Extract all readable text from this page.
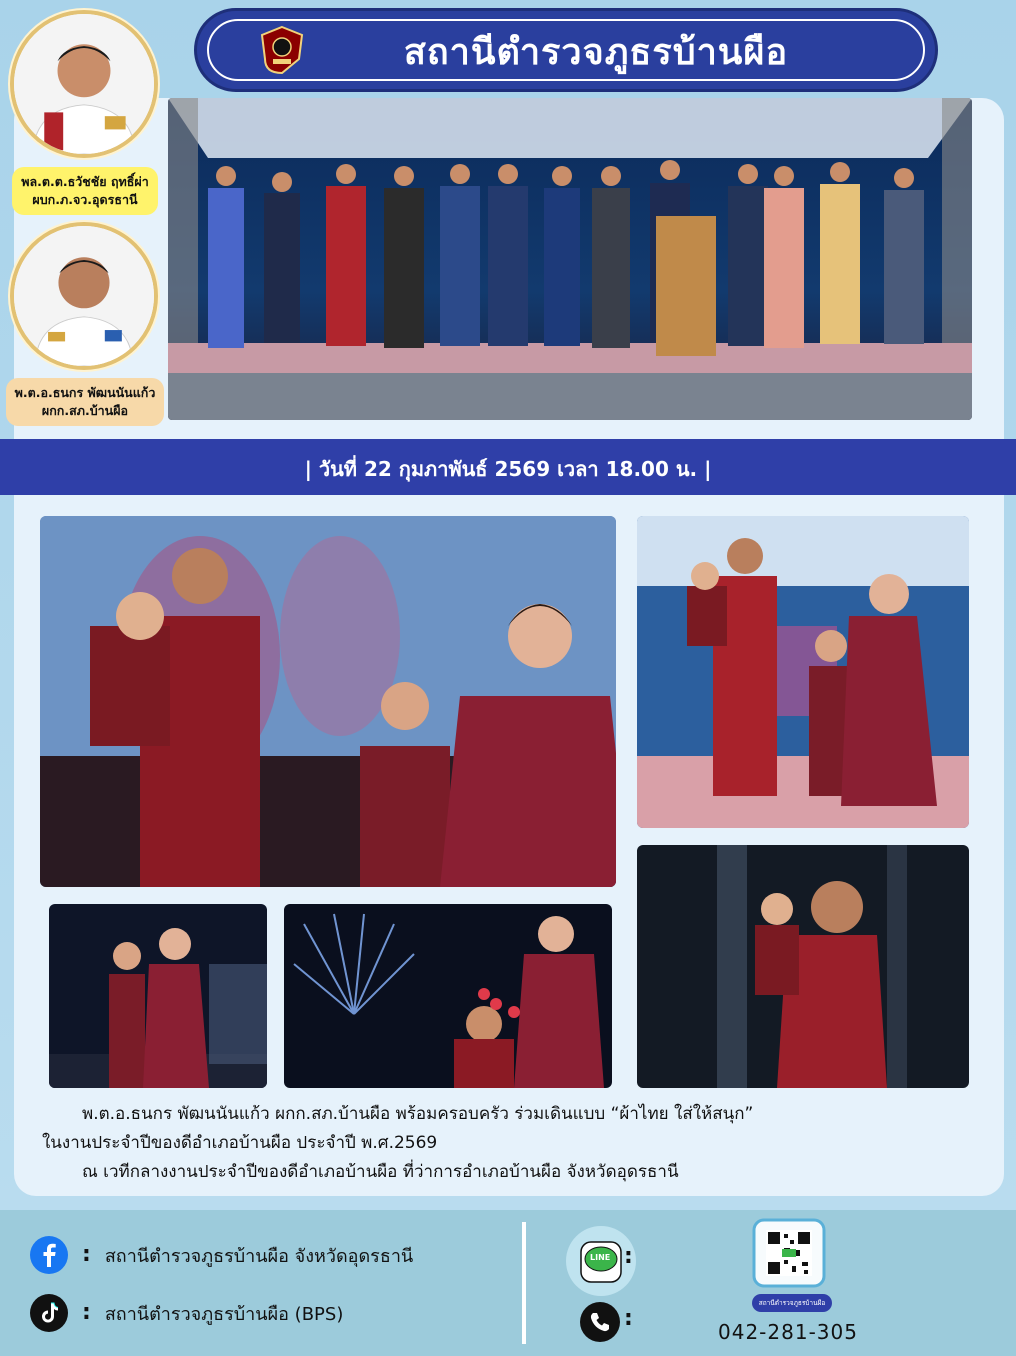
สถานีตำรวจภูธรบ้านผือ
พล.ต.ต.ธวัชชัย ฤทธิ์ผ่า
ผบก.ภ.จว.อุดรธานี
พ.ต.อ.ธนกร พัฒนนันแก้ว
ผกก.สภ.บ้านผือ
| วันที่ 22 กุมภาพันธ์ 2569 เวลา 18.00 น. |
พ.ต.อ.ธนกร พัฒนนันแก้ว ผกก.สภ.บ้านผือ พร้อมครอบครัว ร่วมเดินแบบ “ผ้าไทย ใส่ให้สนุก”
ในงานประจำปีของดีอำเภอบ้านผือ ประจำปี พ.ศ.2569
ณ เวทีกลางงานประจำปีของดีอำเภอบ้านผือ ที่ว่าการอำเภอบ้านผือ จังหวัดอุดรธานี
: สถานีตำรวจภูธรบ้านผือ จังหวัดอุดรธานี
: สถานีตำรวจภูธรบ้านผือ (BPS)
LINE :
:
สถานีตำรวจภูธรบ้านผือ
042-281-305
